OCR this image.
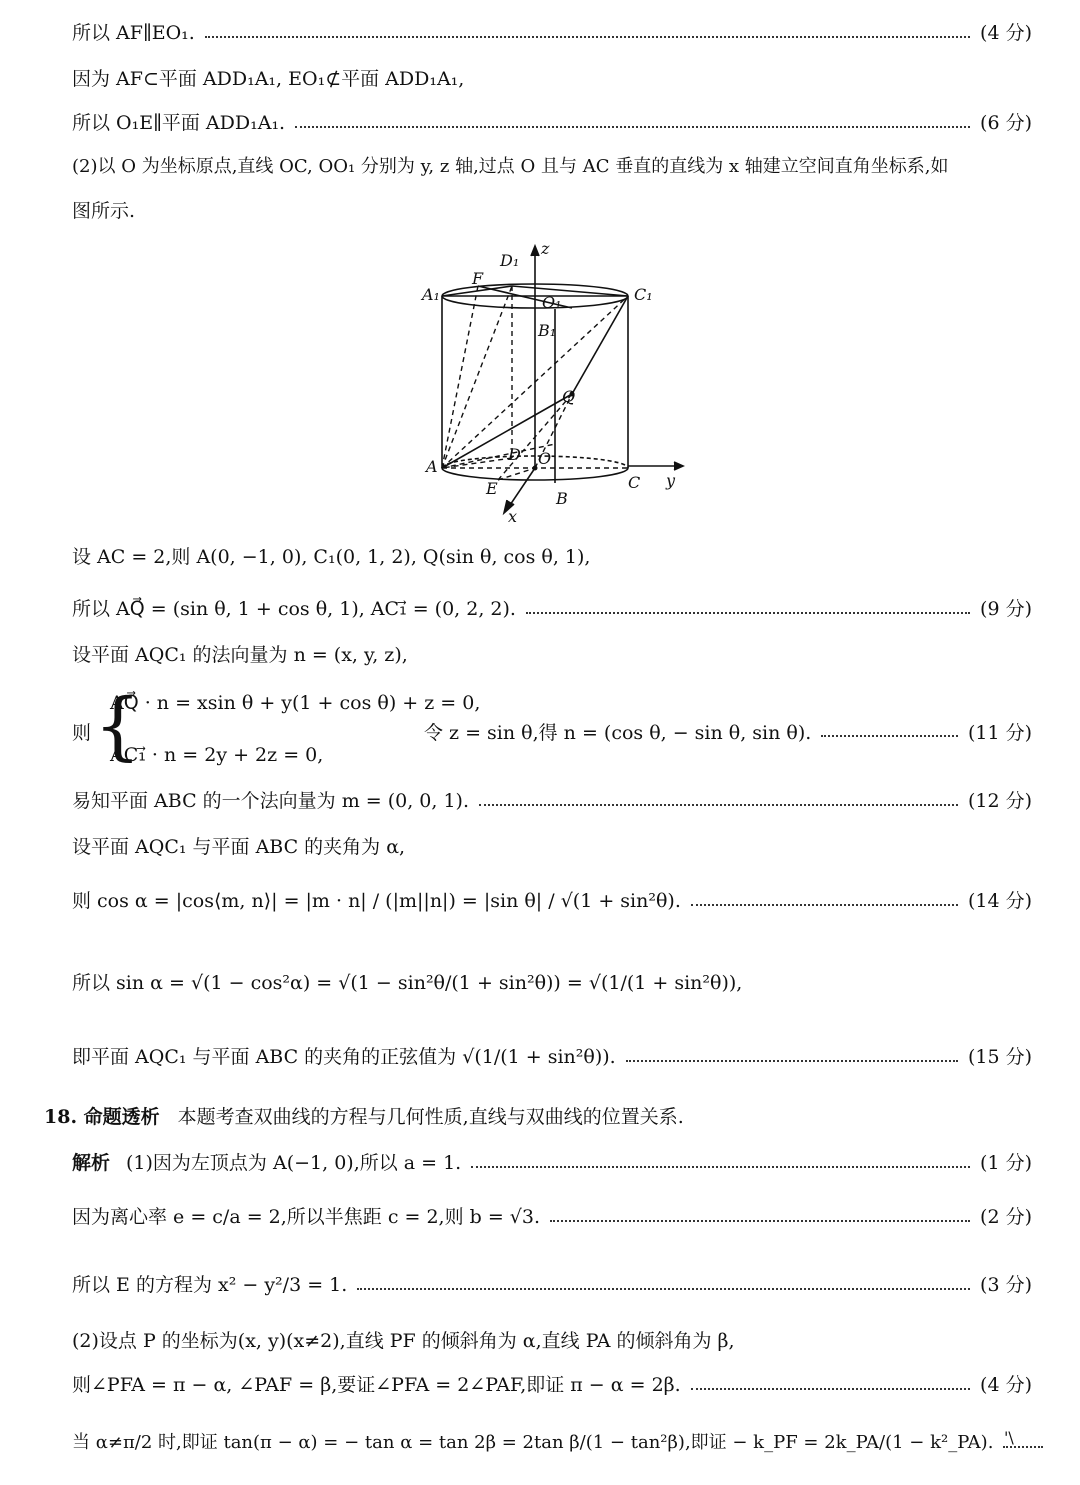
所以 AF∥EO₁.	(4 分)
因为 AF⊂平面 ADD₁A₁, EO₁⊄平面 ADD₁A₁,
所以 O₁E∥平面 ADD₁A₁.	(6 分)
(2)以 O 为坐标原点,直线 OC, OO₁ 分别为 y, z 轴,过点 O 且与 AC 垂直的直线为 x 轴建立空间直角坐标系,如
图所示.
D₁
z
A₁
F
O₁	C₁
B₁
Q
D O
A
E
B
C y
x
设 AC = 2,则 A(0, −1, 0), C₁(0, 1, 2), Q(sin θ, cos θ, 1),
所以 AQ⃗ = (sin θ, 1 + cos θ, 1), AC₁⃗ = (0, 2, 2).	(9 分)
设平面 AQC₁ 的法向量为 n = (x, y, z),
则 {
AQ⃗ · n = xsin θ + y(1 + cos θ) + z = 0,
AC₁⃗ · n = 2y + 2z = 0,
令 z = sin θ,得 n = (cos θ, − sin θ, sin θ).	(11 分)
易知平面 ABC 的一个法向量为 m = (0, 0, 1).	(12 分)
设平面 AQC₁ 与平面 ABC 的夹角为 α,
则 cos α = |cos⟨m, n⟩| = |m · n| / (|m||n|) = |sin θ| / √(1 + sin²θ).	(14 分)
所以 sin α = √(1 − cos²α) = √(1 − sin²θ/(1 + sin²θ)) = √(1/(1 + sin²θ)),
即平面 AQC₁ 与平面 ABC 的夹角的正弦值为 √(1/(1 + sin²θ)).	(15 分)
18. 命题透析 本题考查双曲线的方程与几何性质,直线与双曲线的位置关系.
解析 (1)因为左顶点为 A(−1, 0),所以 a = 1.	(1 分)
因为离心率 e = c/a = 2,所以半焦距 c = 2,则 b = √3.	(2 分)
所以 E 的方程为 x² − y²/3 = 1.	(3 分)
(2)设点 P 的坐标为(x, y)(x≠2),直线 PF 的倾斜角为 α,直线 PA 的倾斜角为 β,
则∠PFA = π − α, ∠PAF = β,要证∠PFA = 2∠PAF,即证 π − α = 2β.	(4 分)
当 α≠π/2 时,即证 tan(π − α) = − tan α = tan 2β = 2tan β/(1 − tan²β),即证 − k_PF = 2k_PA/(1 − k²_PA). '\
